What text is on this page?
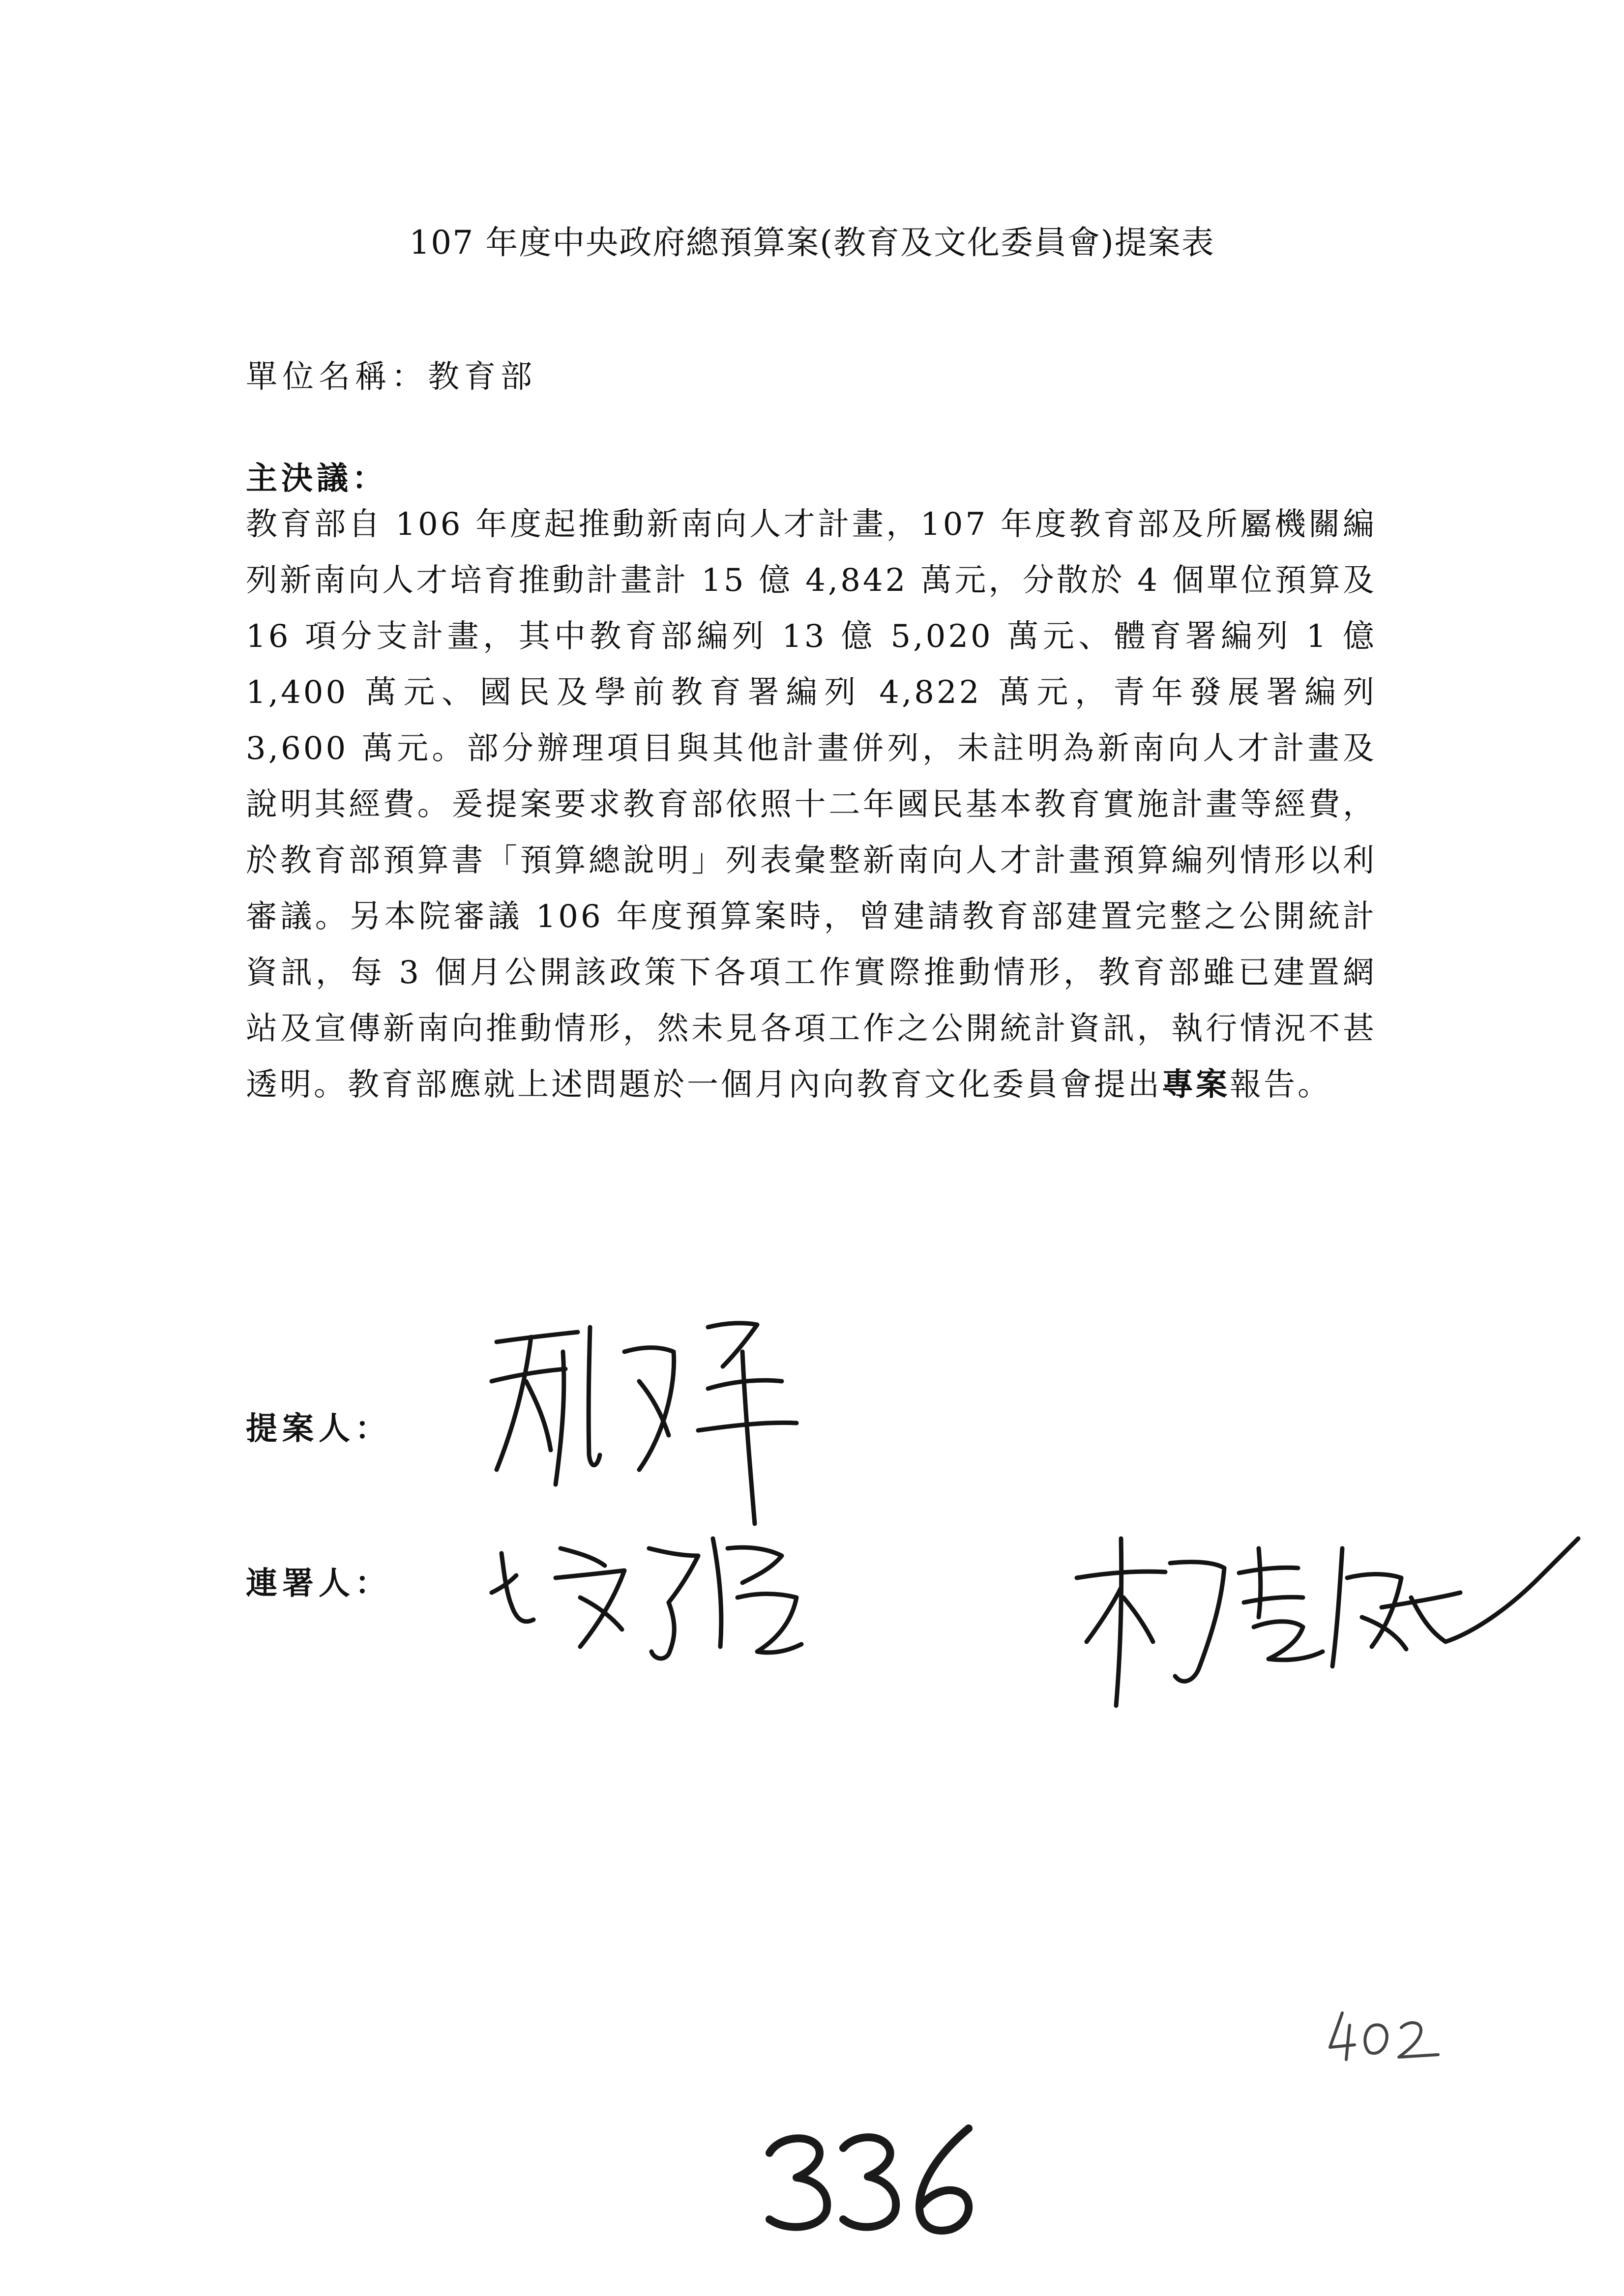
107 年度中央政府總預算案(教育及文化委員會)提案表
單位名稱：教育部
主決議：
教育部自 106 年度起推動新南向人才計畫，107 年度教育部及所屬機關編列新南向人才培育推動計畫計 15 億 4,842 萬元，分散於 4 個單位預算及 16 項分支計畫，其中教育部編列 13 億 5,020 萬元、體育署編列 1 億 1,400 萬元、國民及學前教育署編列 4,822 萬元，青年發展署編列 3,600 萬元。部分辦理項目與其他計畫併列，未註明為新南向人才計畫及說明其經費。爰提案要求教育部依照十二年國民基本教育實施計畫等經費，於教育部預算書「預算總說明」列表彙整新南向人才計畫預算編列情形以利審議。另本院審議 106 年度預算案時，曾建請教育部建置完整之公開統計資訊，每 3 個月公開該政策下各項工作實際推動情形，教育部雖已建置網站及宣傳新南向推動情形，然未見各項工作之公開統計資訊，執行情況不甚透明。教育部應就上述問題於一個月內向教育文化委員會提出專案報告。
提案人：
連署人：
